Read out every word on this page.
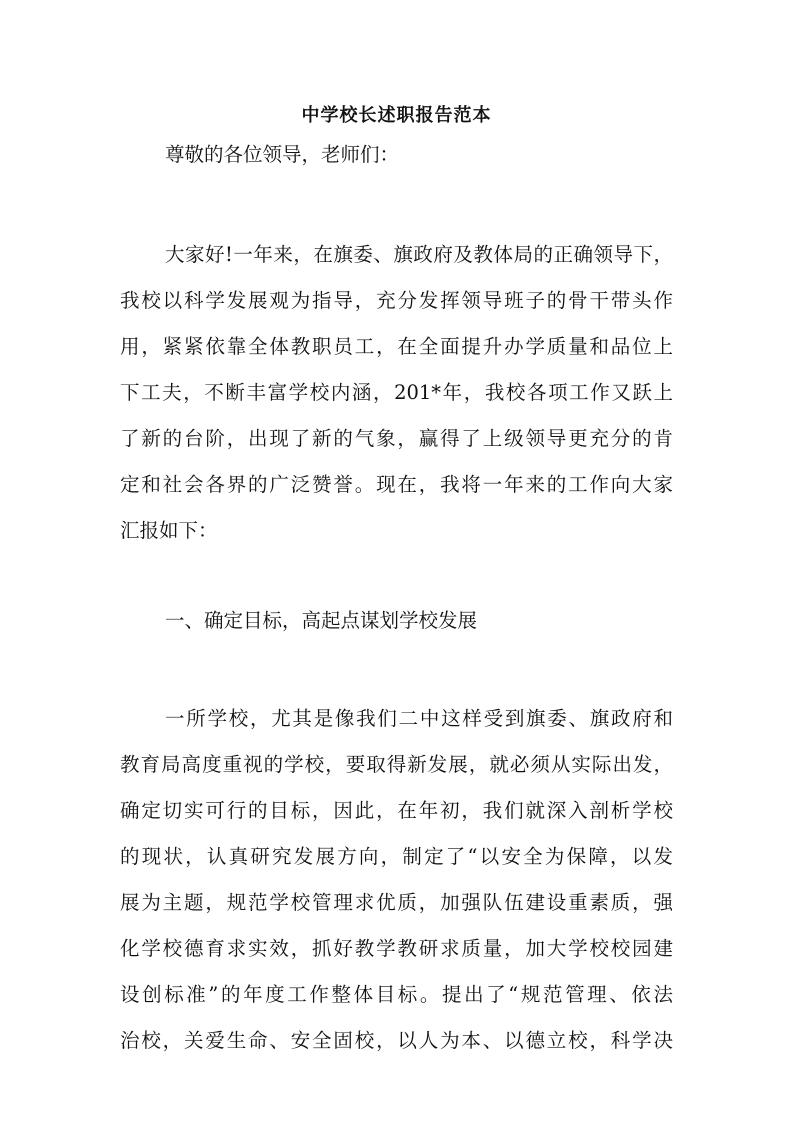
中学校长述职报告范本
尊敬的各位领导，老师们：
大家好!一年来，在旗委、旗政府及教体局的正确领导下，
我校以科学发展观为指导，充分发挥领导班子的骨干带头作
用，紧紧依靠全体教职员工，在全面提升办学质量和品位上
下工夫，不断丰富学校内涵，201*年，我校各项工作又跃上
了新的台阶，出现了新的气象，赢得了上级领导更充分的肯
定和社会各界的广泛赞誉。现在，我将一年来的工作向大家
汇报如下：
一、确定目标，高起点谋划学校发展
一所学校，尤其是像我们二中这样受到旗委、旗政府和
教育局高度重视的学校，要取得新发展，就必须从实际出发，
确定切实可行的目标，因此，在年初，我们就深入剖析学校
的现状，认真研究发展方向，制定了“以安全为保障，以发
展为主题，规范学校管理求优质，加强队伍建设重素质，强
化学校德育求实效，抓好教学教研求质量，加大学校校园建
设创标准”的年度工作整体目标。提出了“规范管理、依法
治校，关爱生命、安全固校，以人为本、以德立校，科学决
